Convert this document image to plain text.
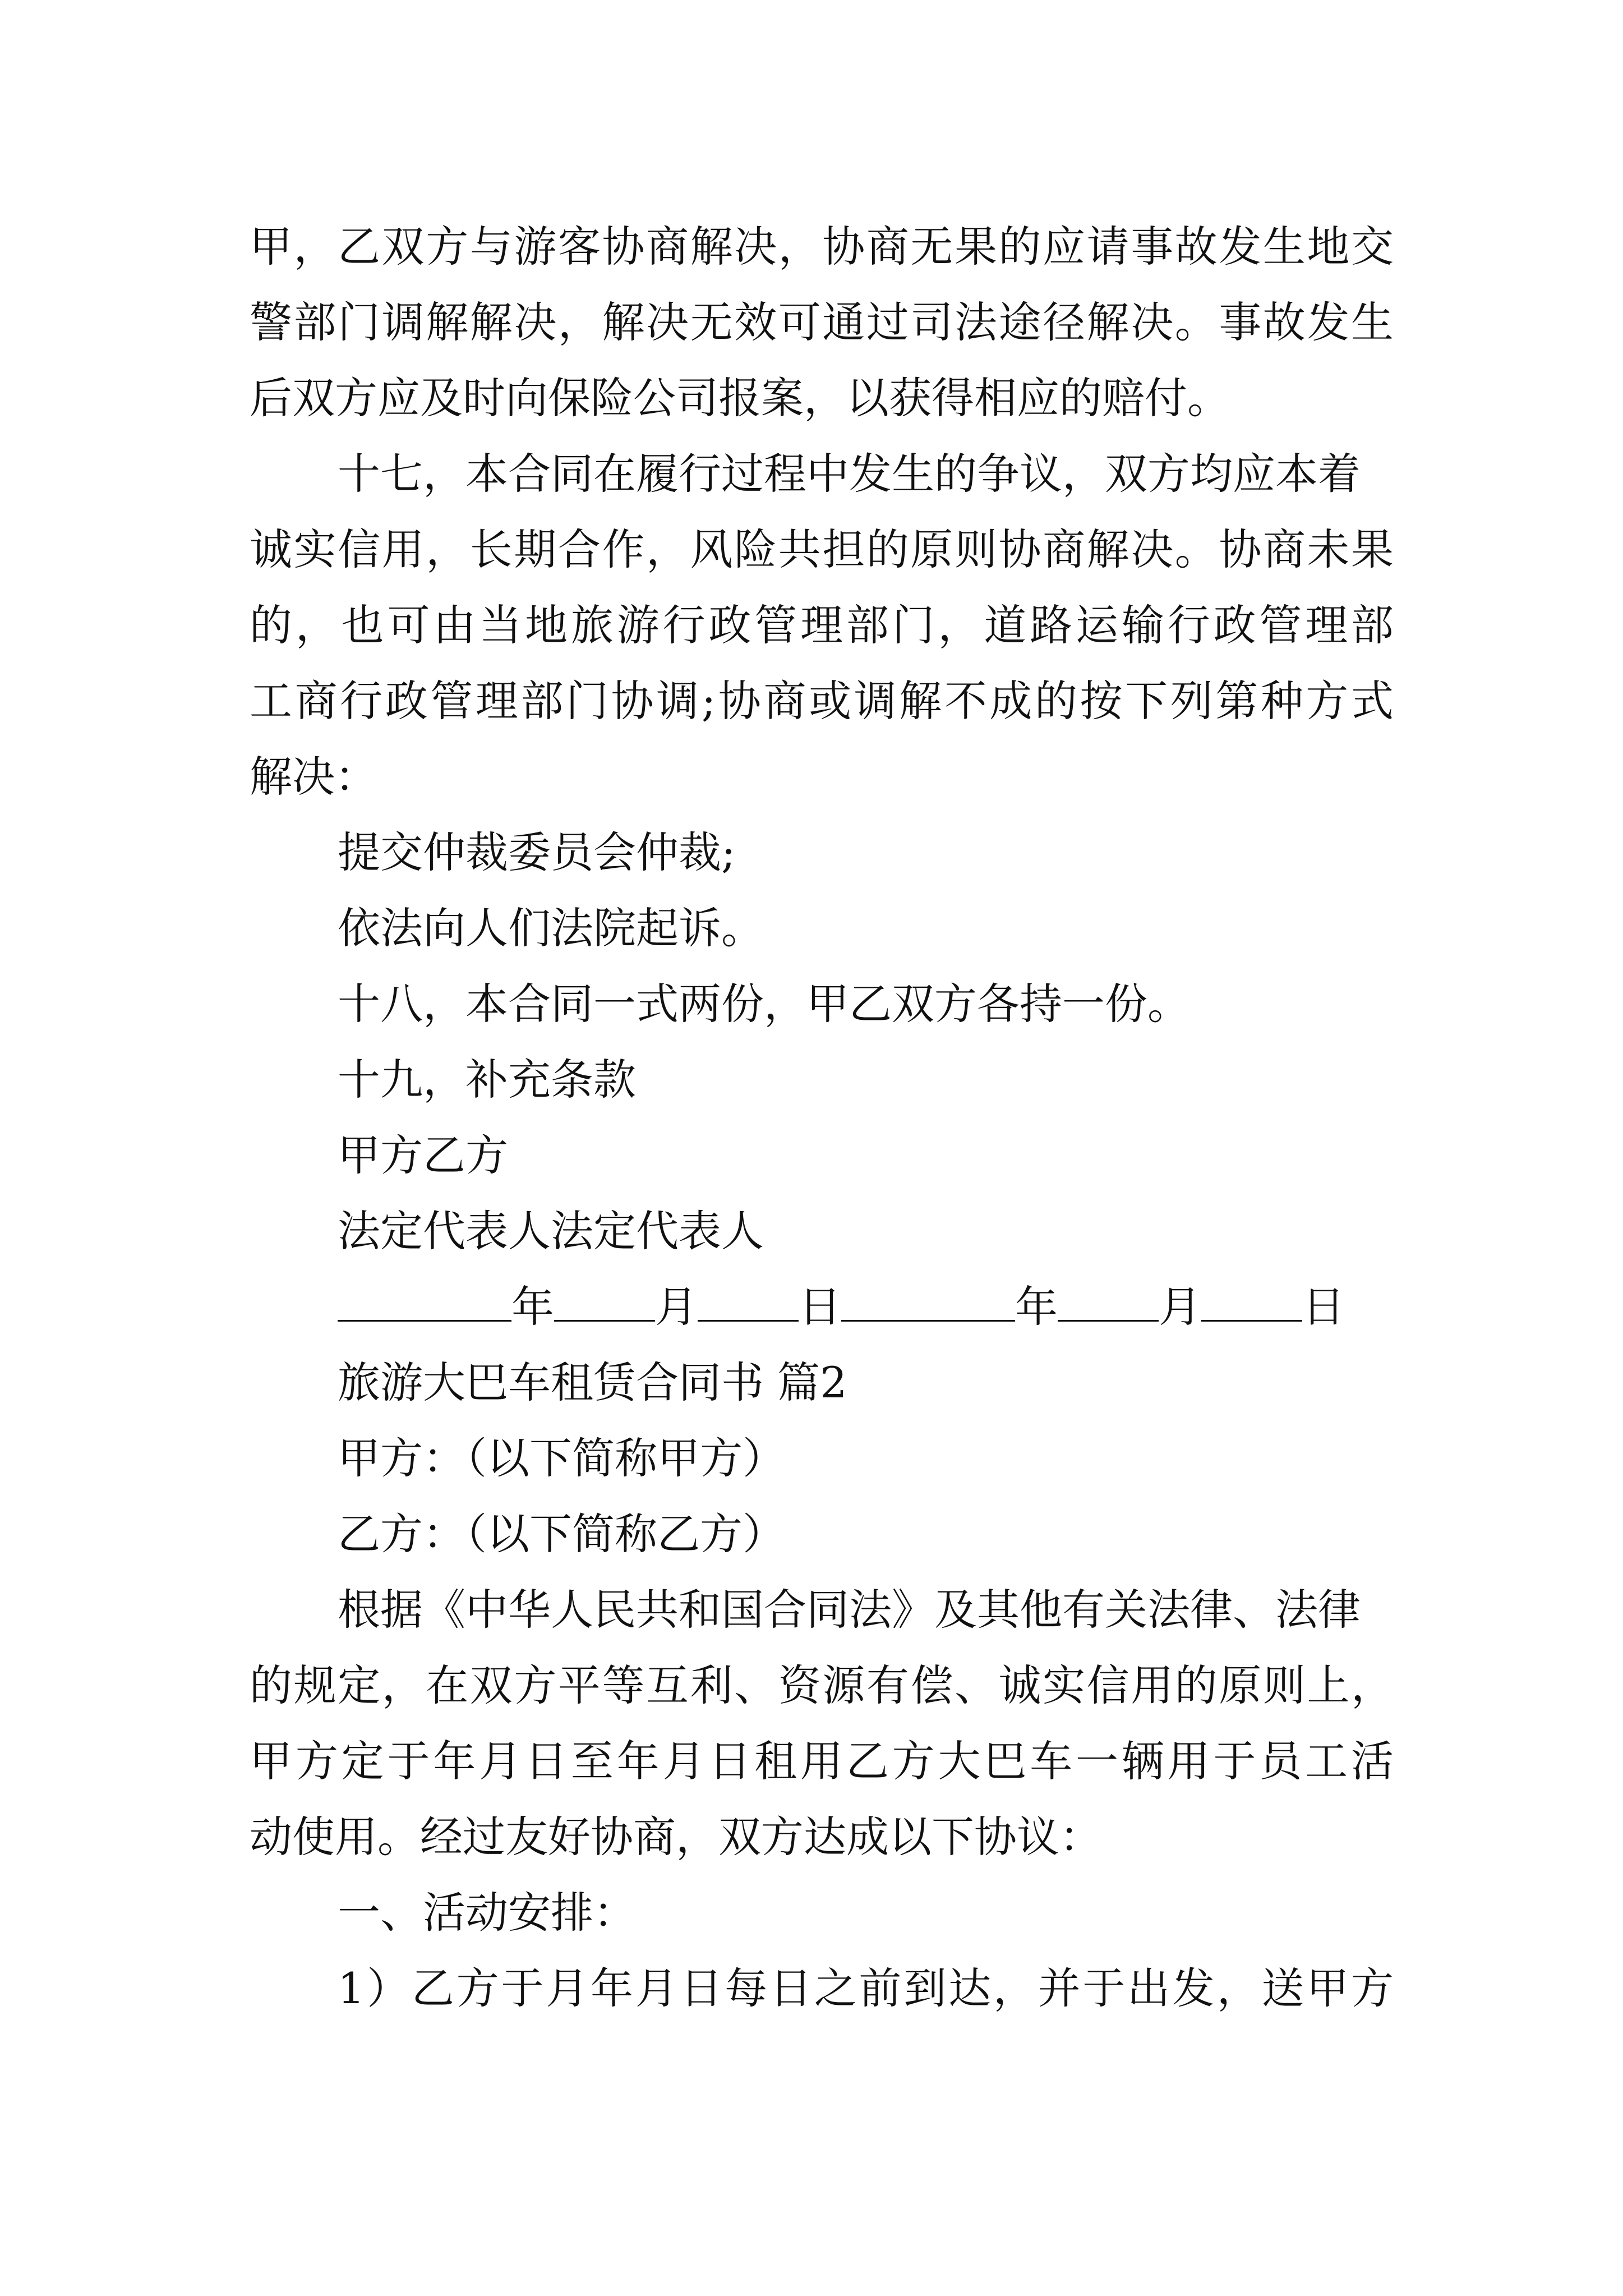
甲，乙双方与游客协商解决，协商无果的应请事故发生地交
警部门调解解决，解决无效可通过司法途径解决。事故发生
后双方应及时向保险公司报案，以获得相应的赔付。
十七，本合同在履行过程中发生的争议，双方均应本着
诚实信用，长期合作，风险共担的原则协商解决。协商未果
的，也可由当地旅游行政管理部门，道路运输行政管理部
工商行政管理部门协调;协商或调解不成的按下列第种方式
解决：
提交仲裁委员会仲裁;
依法向人们法院起诉。
十八，本合同一式两份，甲乙双方各持一份。
十九，补充条款
甲方乙方
法定代表人法定代表人
年 月 日	年 月 日
旅游大巴车租赁合同书 篇2
甲方：（以下简称甲方）
乙方：（以下简称乙方）
根据《中华人民共和国合同法》及其他有关法律、法律
的规定，在双方平等互利、资源有偿、诚实信用的原则上，
甲方定于年月日至年月日租用乙方大巴车一辆用于员工活
动使用。经过友好协商，双方达成以下协议：
一、活动安排：
1）乙方于月年月日每日之前到达，并于出发，送甲方
